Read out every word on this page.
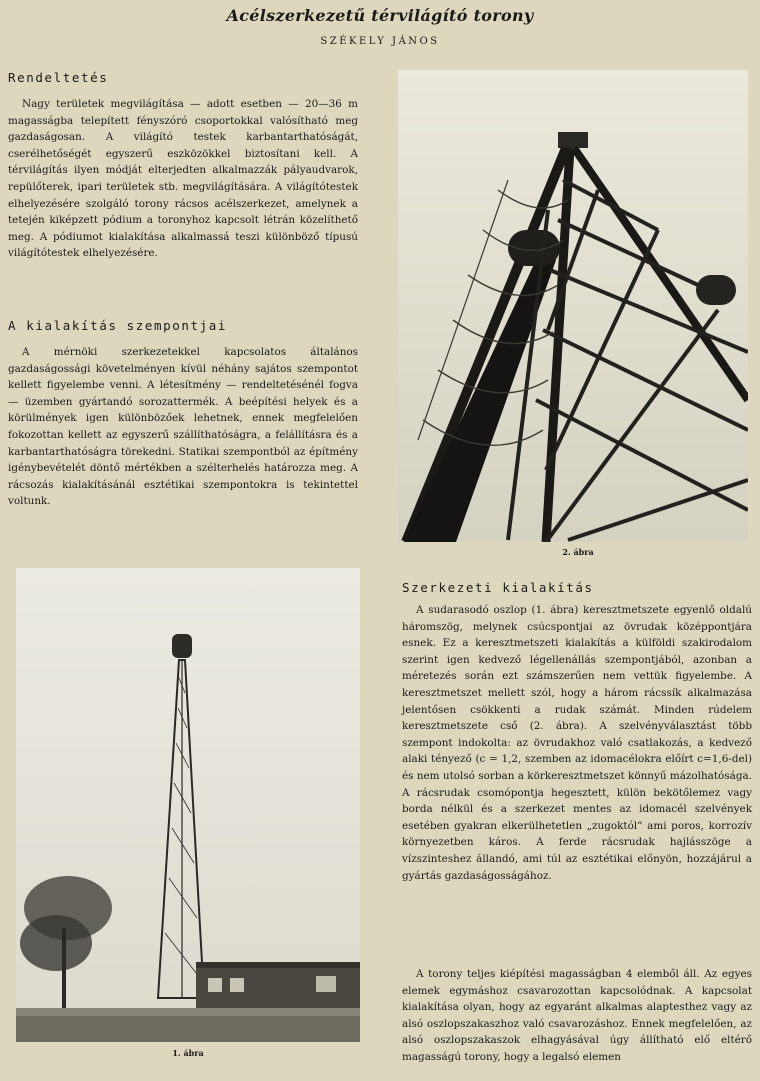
Acélszerkezetű térvilágító torony
SZÉKELY JÁNOS
Rendeltetés

Nagy területek megvilágítása — adott esetben — 20—36 m magasságba telepített fényszóró csoportokkal valósítható meg gazdaságosan. A világító testek karbantarthatóságát, cserélhetőségét egyszerű eszközökkel biztosítani kell. A térvilágítás ilyen módját elterjedten alkalmazzák pályaudvarok, repülőterek, ipari területek stb. megvilágítására. A világítótestek elhelyezésére szolgáló torony rácsos acélszerkezet, amelynek a tetején kiképzett pódium a toronyhoz kapcsolt létrán közelíthető meg. A pódiumot kialakítása alkalmassá teszi különböző típusú világítótestek elhelyezésére.

A kialakítás szempontjai

A mérnöki szerkezetekkel kapcsolatos általános gazdaságossági követelményen kívül néhány sajátos szempontot kellett figyelembe venni. A létesítmény — rendeltetésénél fogva — üzemben gyártandó sorozattermék. A beépítési helyek és a körülmények igen különbözőek lehetnek, ennek megfelelően fokozottan kellett az egyszerű szállíthatóságra, a felállításra és a karbantarthatóságra törekedni. Statikai szempontból az építmény igénybevételét döntő mértékben a szélterhelés határozza meg. A rácsozás kialakításánál esztétikai szempontokra is tekintettel voltunk.

2. ábra
1. ábra
Szerkezeti kialakítás

A sudarasodó oszlop (1. ábra) keresztmetszete egyenlő oldalú háromszög, melynek csúcspontjai az övrudak középpontjára esnek. Ez a keresztmetszeti kialakítás a külföldi szakirodalom szerint igen kedvező légellenállás szempontjából, azonban a méretezés során ezt számszerűen nem vettük figyelembe. A keresztmetszet mellett szól, hogy a három rácssík alkalmazása jelentősen csökkenti a rudak számát. Minden rúdelem keresztmetszete cső (2. ábra). A szelvényválasztást több szempont indokolta: az övrudakhoz való csatlakozás, a kedvező alaki tényező (c = 1,2, szemben az idomacélokra előírt c=1,6-del) és nem utolsó sorban a körkeresztmetszet könnyű mázolhatósága. A rácsrudak csomópontja hegesztett, külön bekötőlemez vagy borda nélkül és a szerkezet mentes az idomacél szelvények esetében gyakran elkerülhetetlen „zugoktól” ami poros, korrozív környezetben káros. A ferde rácsrudak hajlásszöge a vízszinteshez állandó, ami túl az esztétikai előnyön, hozzájárul a gyártás gazdaságosságához.

A torony teljes kiépítési magasságban 4 elemből áll. Az egyes elemek egymáshoz csavarozottan kapcsolódnak. A kapcsolat kialakítása olyan, hogy az egyaránt alkalmas alaptesthez vagy az alsó oszlopszakaszhoz való csavarozáshoz. Ennek megfelelően, az alsó oszlopszakaszok elhagyásával úgy állítható elő eltérő magasságú torony, hogy a legalsó elemen
